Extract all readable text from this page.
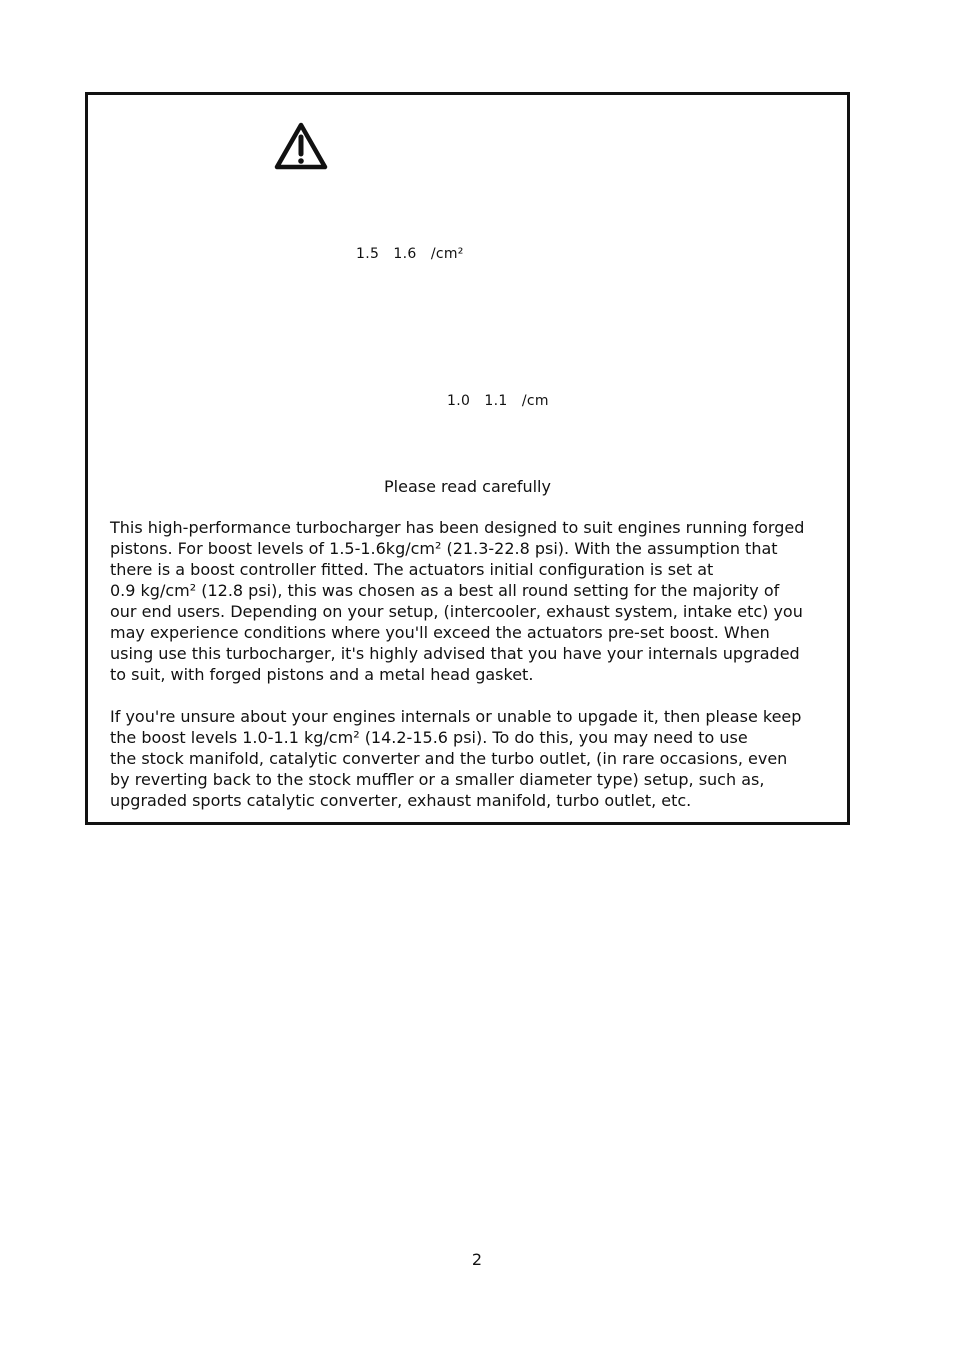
1.5   1.6   /cm²
1.0   1.1   /cm
Please read carefully

This high-performance turbocharger has been designed to suit engines running forged
pistons. For boost levels of 1.5-1.6kg/cm² (21.3-22.8 psi). With the assumption that
there is a boost controller fitted. The actuators initial configuration is set at
0.9 kg/cm² (12.8 psi), this was chosen as a best all round setting for the majority of
our end users. Depending on your setup, (intercooler, exhaust system, intake etc) you
may experience conditions where you'll exceed the actuators pre-set boost. When
using use this turbocharger, it's highly advised that you have your internals upgraded
to suit, with forged pistons and a metal head gasket.

If you're unsure about your engines internals or unable to upgade it, then please keep
the boost levels 1.0-1.1 kg/cm² (14.2-15.6 psi). To do this, you may need to use
the stock manifold, catalytic converter and the turbo outlet, (in rare occasions, even
by reverting back to the stock muffler or a smaller diameter type) setup, such as,
upgraded sports catalytic converter, exhaust manifold, turbo outlet, etc.

2
